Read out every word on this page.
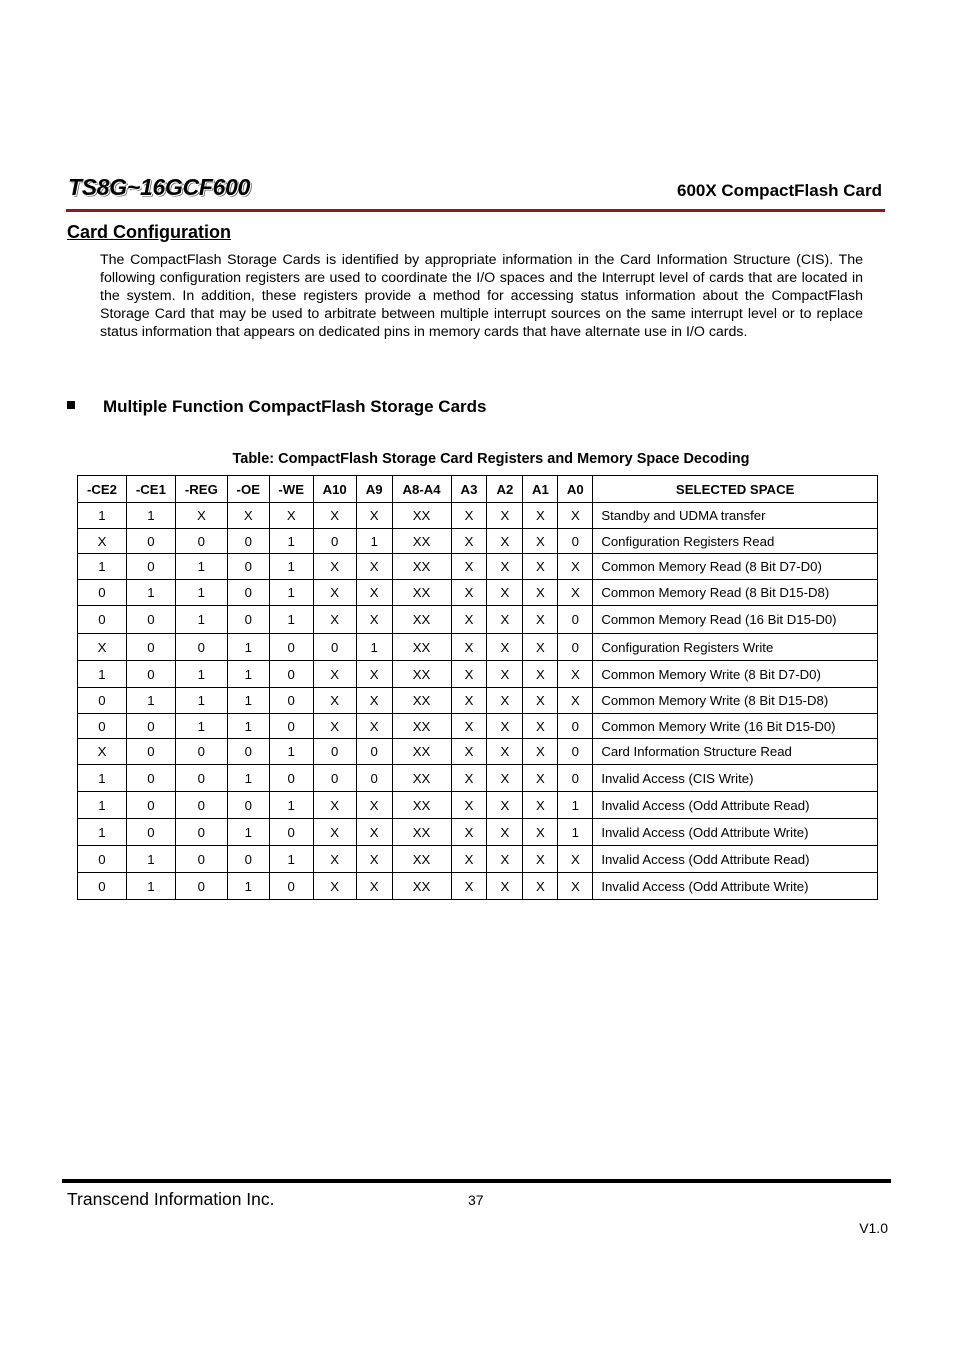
TS8G~16GCF600	600X CompactFlash Card
Card Configuration
The CompactFlash Storage Cards is identified by appropriate information in the Card Information Structure (CIS). The following configuration registers are used to coordinate the I/O spaces and the Interrupt level of cards that are located in the system. In addition, these registers provide a method for accessing status information about the CompactFlash Storage Card that may be used to arbitrate between multiple interrupt sources on the same interrupt level or to replace status information that appears on dedicated pins in memory cards that have alternate use in I/O cards.
Multiple Function CompactFlash Storage Cards
Table: CompactFlash Storage Card Registers and Memory Space Decoding
-CE2	-CE1	-REG	-OE	-WE	A10	A9	A8-A4	A3	A2	A1	A0	SELECTED SPACE
1	1	X	X	X	X	X	XX	X	X	X	X	Standby and UDMA transfer
X	0	0	0	1	0	1	XX	X	X	X	0	Configuration Registers Read
1	0	1	0	1	X	X	XX	X	X	X	X	Common Memory Read (8 Bit D7-D0)
0	1	1	0	1	X	X	XX	X	X	X	X	Common Memory Read (8 Bit D15-D8)
0	0	1	0	1	X	X	XX	X	X	X	0	Common Memory Read (16 Bit D15-D0)
X	0	0	1	0	0	1	XX	X	X	X	0	Configuration Registers Write
1	0	1	1	0	X	X	XX	X	X	X	X	Common Memory Write (8 Bit D7-D0)
0	1	1	1	0	X	X	XX	X	X	X	X	Common Memory Write (8 Bit D15-D8)
0	0	1	1	0	X	X	XX	X	X	X	0	Common Memory Write (16 Bit D15-D0)
X	0	0	0	1	0	0	XX	X	X	X	0	Card Information Structure Read
1	0	0	1	0	0	0	XX	X	X	X	0	Invalid Access (CIS Write)
1	0	0	0	1	X	X	XX	X	X	X	1	Invalid Access (Odd Attribute Read)
1	0	0	1	0	X	X	XX	X	X	X	1	Invalid Access (Odd Attribute Write)
0	1	0	0	1	X	X	XX	X	X	X	X	Invalid Access (Odd Attribute Read)
0	1	0	1	0	X	X	XX	X	X	X	X	Invalid Access (Odd Attribute Write)
Transcend Information Inc.	37
V1.0
